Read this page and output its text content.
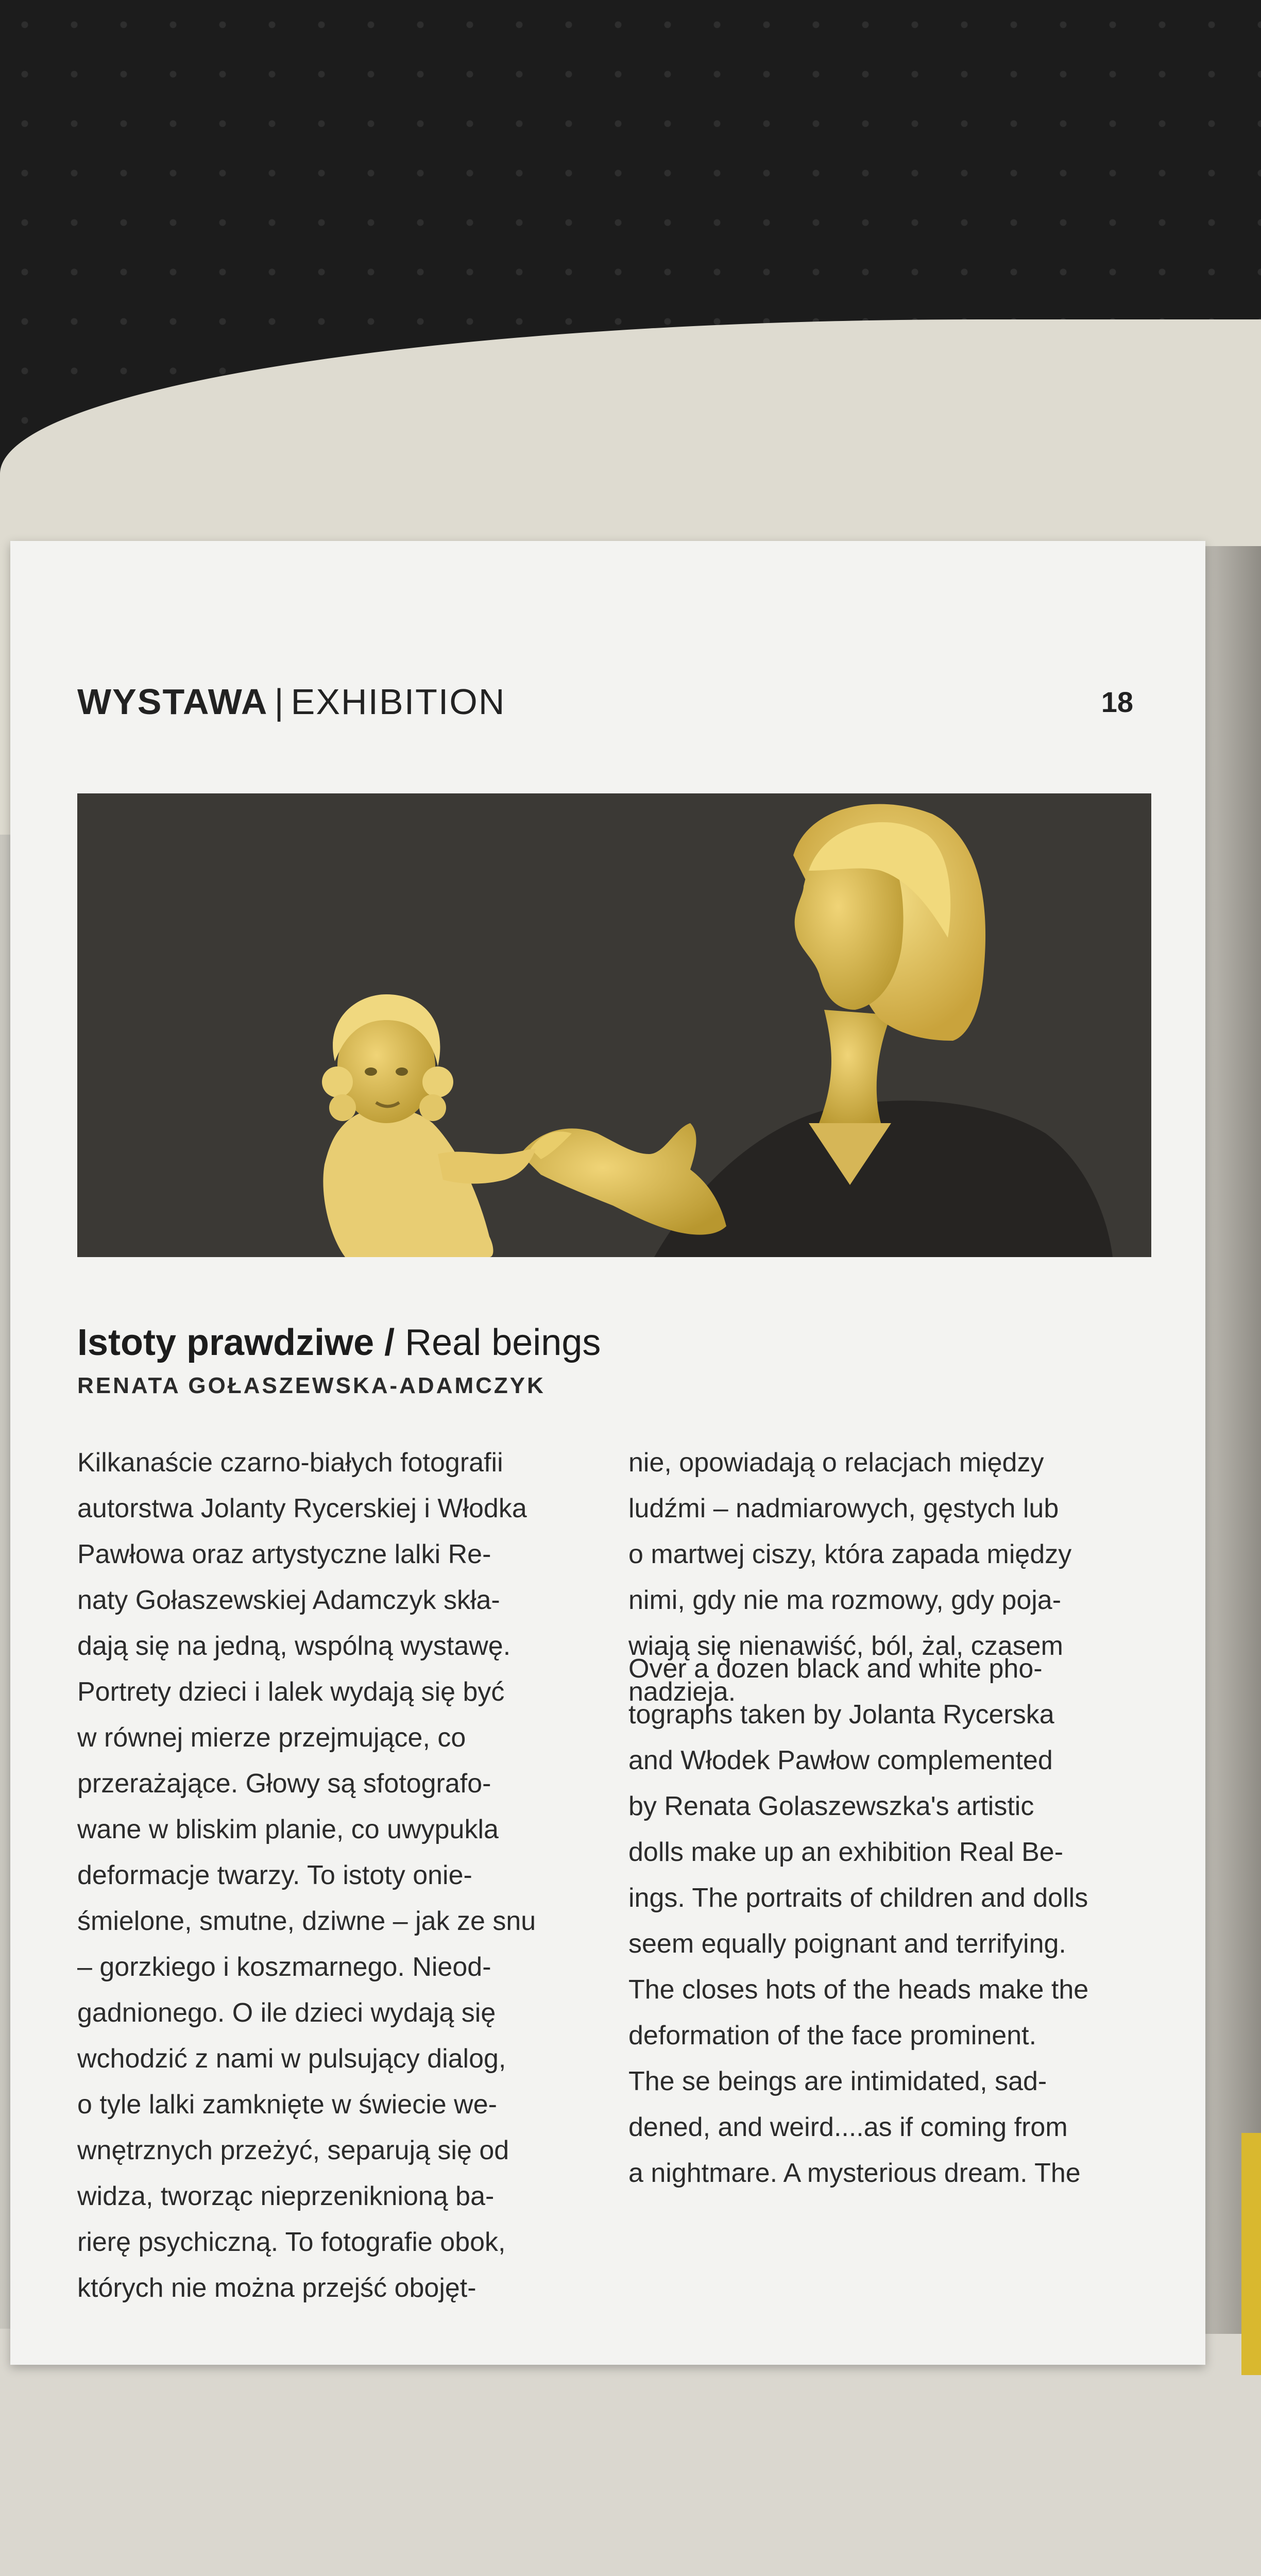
WYSTAWA | EXHIBITION	18
Istoty prawdziwe / Real beings
RENATA GOŁASZEWSKA-ADAMCZYK

Kilkanaście czarno-białych fotografii

autorstwa Jolanty Rycerskiej i Włodka

Pawłowa oraz artystyczne lalki Re-

naty Gołaszewskiej Adamczyk skła-

dają się na jedną, wspólną wystawę.

Portrety dzieci i lalek wydają się być

w równej mierze przejmujące, co

przerażające. Głowy są sfotografo-

wane w bliskim planie, co uwypukla

deformacje twarzy. To istoty onie-

śmielone, smutne, dziwne – jak ze snu

– gorzkiego i koszmarnego. Nieod-

gadnionego. O ile dzieci wydają się

wchodzić z nami w pulsujący dialog,

o tyle lalki zamknięte w świecie we-

wnętrznych przeżyć, separują się od

widza, tworząc nieprzeniknioną ba-

rierę psychiczną. To fotografie obok,

których nie można przejść obojęt-

nie, opowiadają o relacjach między

ludźmi – nadmiarowych, gęstych lub

o martwej ciszy, która zapada między

nimi, gdy nie ma rozmowy, gdy poja-

wiają się nienawiść, ból, żal, czasem

nadzieja.

Over a dozen black and white pho-

tographs taken by Jolanta Rycerska

and Włodek Pawłow complemented

by Renata Golaszewszka's artistic

dolls make up an exhibition Real Be-

ings. The portraits of children and dolls

seem equally poignant and terrifying.

The closes hots of the heads make the

deformation of the face prominent.

The se beings are intimidated, sad-

dened, and weird....as if coming from

a nightmare. A mysterious dream. The
